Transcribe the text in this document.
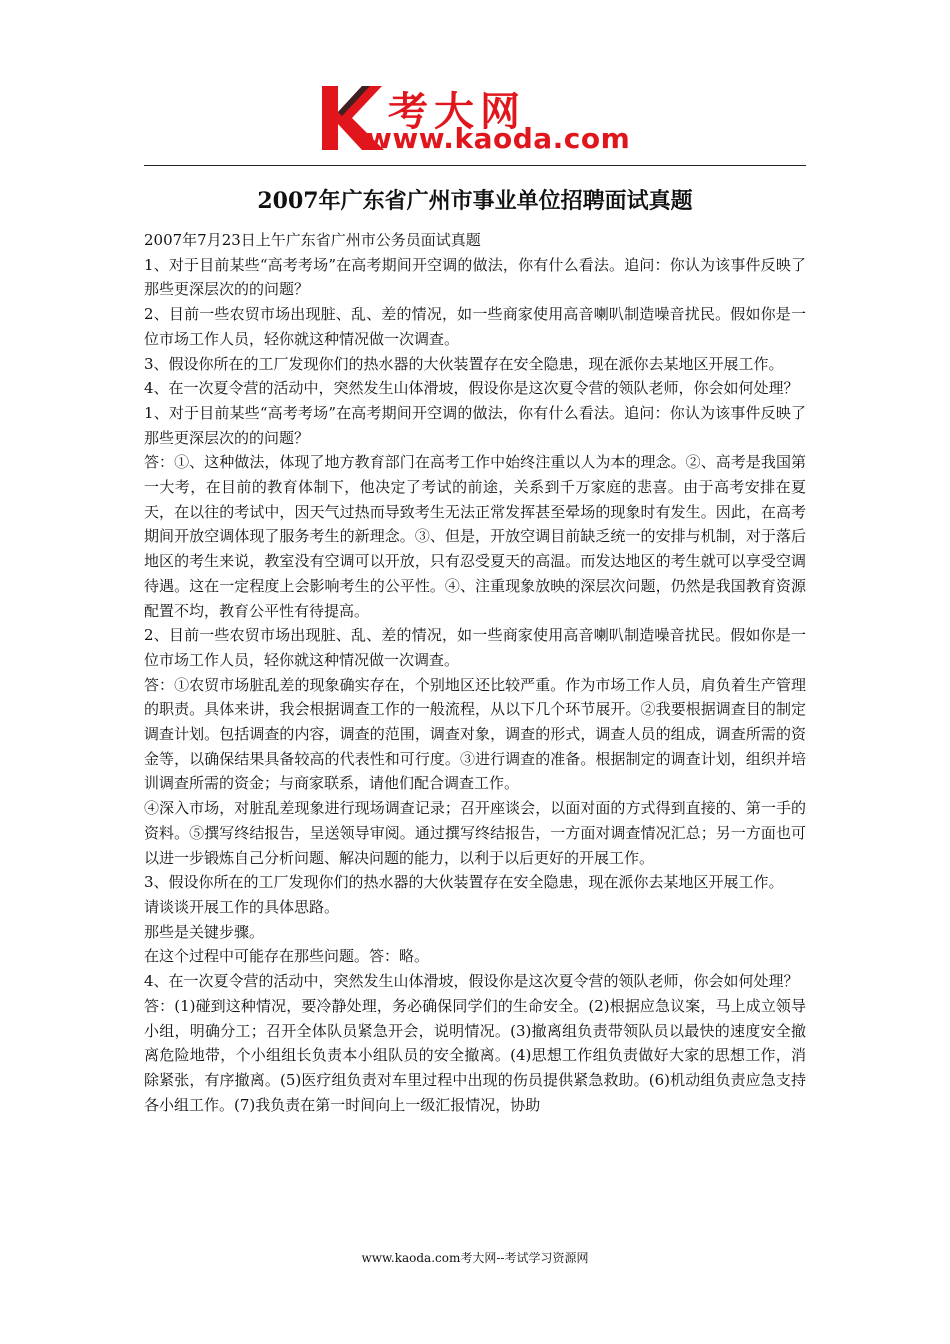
考大网
www.kaoda.com
2007年广东省广州市事业单位招聘面试真题

2007年7月23日上午广东省广州市公务员面试真题

1、对于目前某些“高考考场”在高考期间开空调的做法，你有什么看法。追问：你认为该事件反映了那些更深层次的的问题？

2、目前一些农贸市场出现脏、乱、差的情况，如一些商家使用高音喇叭制造噪音扰民。假如你是一位市场工作人员，轻你就这种情况做一次调查。

3、假设你所在的工厂发现你们的热水器的大伙装置存在安全隐患，现在派你去某地区开展工作。

4、在一次夏令营的活动中，突然发生山体滑坡，假设你是这次夏令营的领队老师，你会如何处理？

1、对于目前某些“高考考场”在高考期间开空调的做法，你有什么看法。追问：你认为该事件反映了那些更深层次的的问题？

答：①、这种做法，体现了地方教育部门在高考工作中始终注重以人为本的理念。②、高考是我国第一大考，在目前的教育体制下，他决定了考试的前途，关系到千万家庭的悲喜。由于高考安排在夏天，在以往的考试中，因天气过热而导致考生无法正常发挥甚至晕场的现象时有发生。因此，在高考期间开放空调体现了服务考生的新理念。③、但是，开放空调目前缺乏统一的安排与机制，对于落后地区的考生来说，教室没有空调可以开放，只有忍受夏天的高温。而发达地区的考生就可以享受空调待遇。这在一定程度上会影响考生的公平性。④、注重现象放映的深层次问题，仍然是我国教育资源配置不均，教育公平性有待提高。

2、目前一些农贸市场出现脏、乱、差的情况，如一些商家使用高音喇叭制造噪音扰民。假如你是一位市场工作人员，轻你就这种情况做一次调查。

答：①农贸市场脏乱差的现象确实存在，个别地区还比较严重。作为市场工作人员，肩负着生产管理的职责。具体来讲，我会根据调查工作的一般流程，从以下几个环节展开。②我要根据调查目的制定调查计划。包括调查的内容，调查的范围，调查对象，调查的形式，调查人员的组成，调查所需的资金等，以确保结果具备较高的代表性和可行度。③进行调查的准备。根据制定的调查计划，组织并培训调查所需的资金；与商家联系，请他们配合调查工作。

④深入市场，对脏乱差现象进行现场调查记录；召开座谈会，以面对面的方式得到直接的、第一手的资料。⑤撰写终结报告，呈送领导审阅。通过撰写终结报告，一方面对调查情况汇总；另一方面也可以进一步锻炼自己分析问题、解决问题的能力，以利于以后更好的开展工作。

3、假设你所在的工厂发现你们的热水器的大伙装置存在安全隐患，现在派你去某地区开展工作。

请谈谈开展工作的具体思路。

那些是关键步骤。

在这个过程中可能存在那些问题。答：略。

4、在一次夏令营的活动中，突然发生山体滑坡，假设你是这次夏令营的领队老师，你会如何处理？

答：(1)碰到这种情况，要冷静处理，务必确保同学们的生命安全。(2)根据应急议案，马上成立领导小组，明确分工；召开全体队员紧急开会，说明情况。(3)撤离组负责带领队员以最快的速度安全撤离危险地带，个小组组长负责本小组队员的安全撤离。(4)思想工作组负责做好大家的思想工作，消除紧张，有序撤离。(5)医疗组负责对车里过程中出现的伤员提供紧急救助。(6)机动组负责应急支持各小组工作。(7)我负责在第一时间向上一级汇报情况，协助

www.kaoda.com考大网--考试学习资源网
